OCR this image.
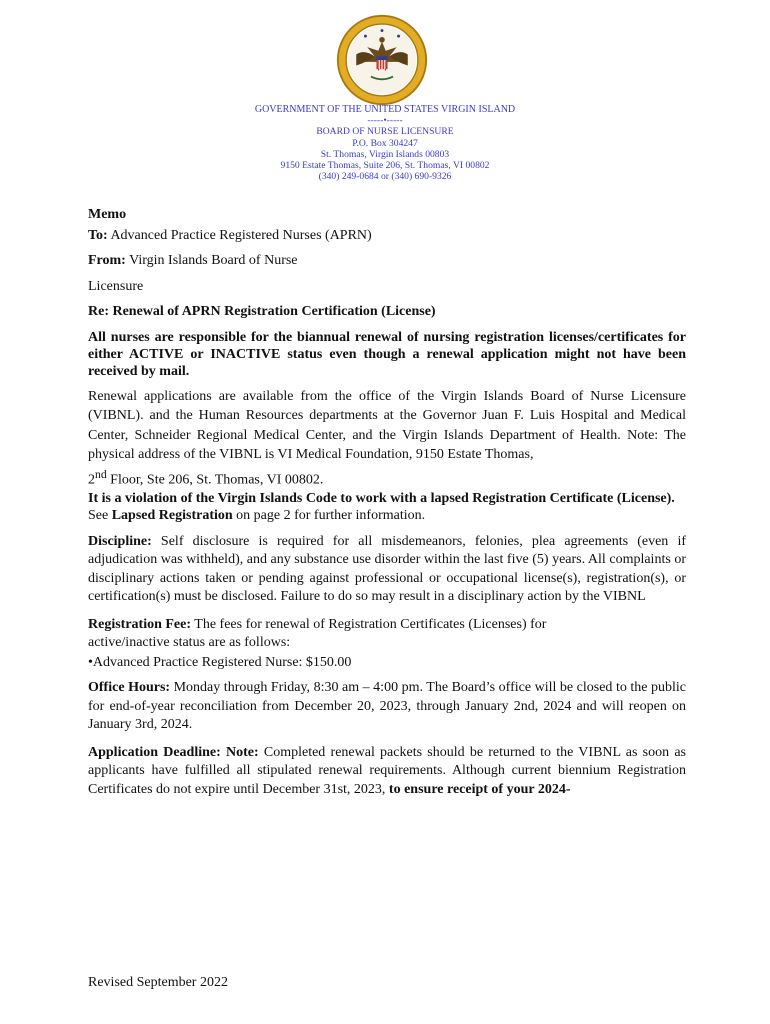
GOVERNMENT OF THE UNITED STATES VIRGIN ISLAND
-----•-----
BOARD OF NURSE LICENSURE
P.O. Box 304247
St. Thomas, Virgin Islands 00803
9150 Estate Thomas, Suite 206, St. Thomas, VI 00802
(340) 249-0684 or (340) 690-9326

Memo

To: Advanced Practice Registered Nurses (APRN)

From: Virgin Islands Board of Nurse

Licensure

Re: Renewal of APRN Registration Certification (License)

All nurses are responsible for the biannual renewal of nursing registration licenses/certificates for either ACTIVE or INACTIVE status even though a renewal application might not have been received by mail.

Renewal applications are available from the office of the Virgin Islands Board of Nurse Licensure (VIBNL). and the Human Resources departments at the Governor Juan F. Luis Hospital and Medical Center, Schneider Regional Medical Center, and the Virgin Islands Department of Health. Note: The physical address of the VIBNL is VI Medical Foundation, 9150 Estate Thomas,
2nd Floor, Ste 206, St. Thomas, VI 00802.

It is a violation of the Virgin Islands Code to work with a lapsed Registration Certificate (License). See Lapsed Registration on page 2 for further information.

Discipline: Self disclosure is required for all misdemeanors, felonies, plea agreements (even if adjudication was withheld), and any substance use disorder within the last five (5) years. All complaints or disciplinary actions taken or pending against professional or occupational license(s), registration(s), or certification(s) must be disclosed. Failure to do so may result in a disciplinary action by the VIBNL

Registration Fee: The fees for renewal of Registration Certificates (Licenses) for
active/inactive status are as follows:

•Advanced Practice Registered Nurse: $150.00

Office Hours: Monday through Friday, 8:30 am – 4:00 pm. The Board’s office will be closed to the public for end-of-year reconciliation from December 20, 2023, through January 2nd, 2024 and will reopen on January 3rd, 2024.

Application Deadline: Note: Completed renewal packets should be returned to the VIBNL as soon as applicants have fulfilled all stipulated renewal requirements. Although current biennium Registration Certificates do not expire until December 31st, 2023, to ensure receipt of your 2024-

Revised September 2022
